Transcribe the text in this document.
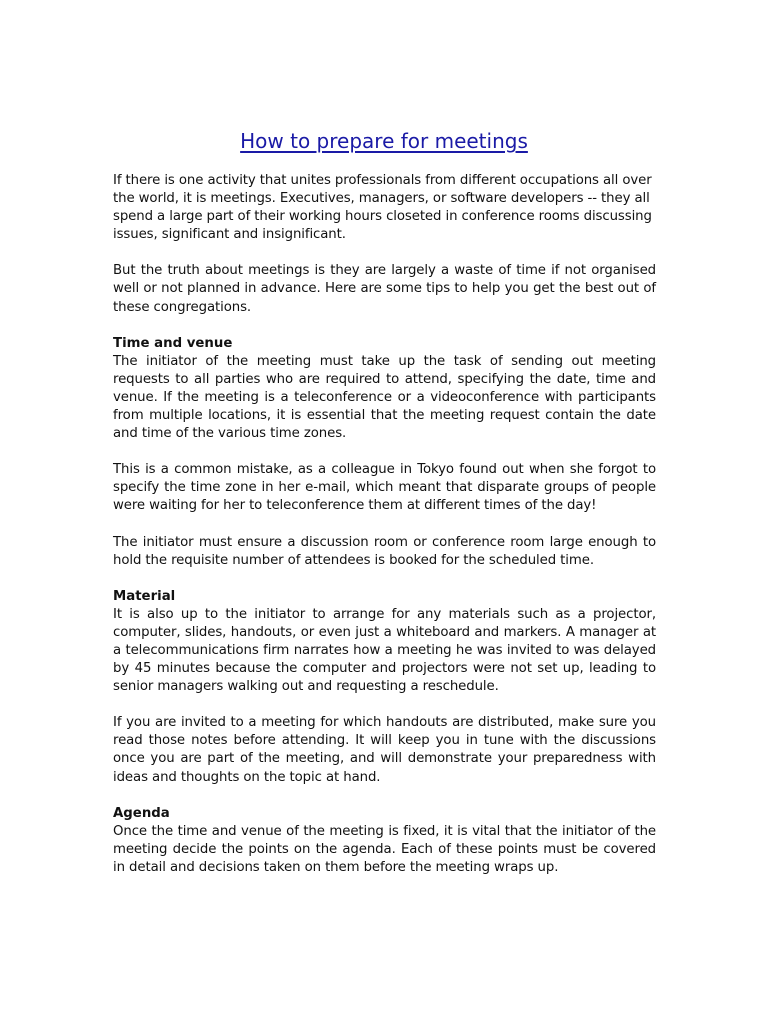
How to prepare for meetings

If there is one activity that unites professionals from different occupations all over the world, it is meetings. Executives, managers, or software developers -- they all spend a large part of their working hours closeted in conference rooms discussing issues, significant and insignificant.

But the truth about meetings is they are largely a waste of time if not organised well or not planned in advance. Here are some tips to help you get the best out of these congregations.

Time and venue

The initiator of the meeting must take up the task of sending out meeting requests to all parties who are required to attend, specifying the date, time and venue. If the meeting is a teleconference or a videoconference with participants from multiple locations, it is essential that the meeting request contain the date and time of the various time zones.

This is a common mistake, as a colleague in Tokyo found out when she forgot to specify the time zone in her e-mail, which meant that disparate groups of people were waiting for her to teleconference them at different times of the day!

The initiator must ensure a discussion room or conference room large enough to hold the requisite number of attendees is booked for the scheduled time.

Material

It is also up to the initiator to arrange for any materials such as a projector, computer, slides, handouts, or even just a whiteboard and markers. A manager at a telecommunications firm narrates how a meeting he was invited to was delayed by 45 minutes because the computer and projectors were not set up, leading to senior managers walking out and requesting a reschedule.

If you are invited to a meeting for which handouts are distributed, make sure you read those notes before attending. It will keep you in tune with the discussions once you are part of the meeting, and will demonstrate your preparedness with ideas and thoughts on the topic at hand.

Agenda

Once the time and venue of the meeting is fixed, it is vital that the initiator of the meeting decide the points on the agenda. Each of these points must be covered in detail and decisions taken on them before the meeting wraps up.
